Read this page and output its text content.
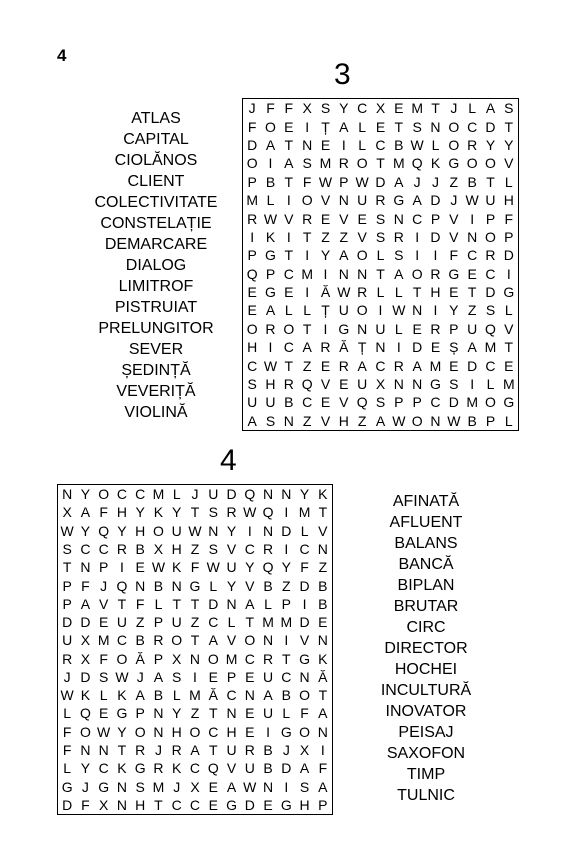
4
3
ATLAS
CAPITAL
CIOLĂNOS
CLIENT
COLECTIVITATE
CONSTELAȚIE
DEMARCARE
DIALOG
LIMITROF
PISTRUIAT
PRELUNGITOR
SEVER
ȘEDINȚĂ
VEVERIȚĂ
VIOLINĂ
J F F X S Y C X E M T J L A S
F O E I Ț A L E T S N O C D T
D A T N E I L C B W L O R Y Y
O I A S M R O T M Q K G O O V
P B T F W P W D A J J Z B T L
M L I O V N U R G A D J W U H
R W V R E V E S N C P V I P F
I K I T Z Z V S R I D V N O P
P G T I Y A O L S I	I F C R D
Q P C M I N N T A O R G E C I
E G E I Ă W R L L T H E T D G
E A L L Ț U O I W N I Y Z S L
O R O T I G N U L E R P U Q V
H I C A R Ă Ț N I D E Ș A M T
C W T Z E R A C R A M E D C E
S H R Q V E U X N N G S I L M
U U B C E V Q S P P C D M O G
A S N Z V H Z A W O N W B P L
4
N Y O C C M L J U D Q N N Y K
X A F H Y K Y T S R W Q I M T
W Y Q Y H O U W N Y I N D L V
S C C R B X H Z S V C R I C N
T N P I E W K F W U Y Q Y F Z
P F J Q N B N G L Y V B Z D B
P A V T F L T T D N A L P I B
D D E U Z P U Z C L T M M D E
U X M C B R O T A V O N I V N
R X F O Ă P X N O M C R T G K
J D S W J A S I E P E U C N Ă
W K L K A B L M Ă C N A B O T
L Q E G P N Y Z T N E U L F A
F O W Y O N H O C H E I G O N
F N N T R J R A T U R B J X I
L Y C K G R K C Q V U B D A F
G J G N S M J X E A W N I S A
D F X N H T C C E G D E G H P
AFINATĂ
AFLUENT
BALANS
BANCĂ
BIPLAN
BRUTAR
CIRC
DIRECTOR
HOCHEI
INCULTURĂ
INOVATOR
PEISAJ
SAXOFON
TIMP
TULNIC
